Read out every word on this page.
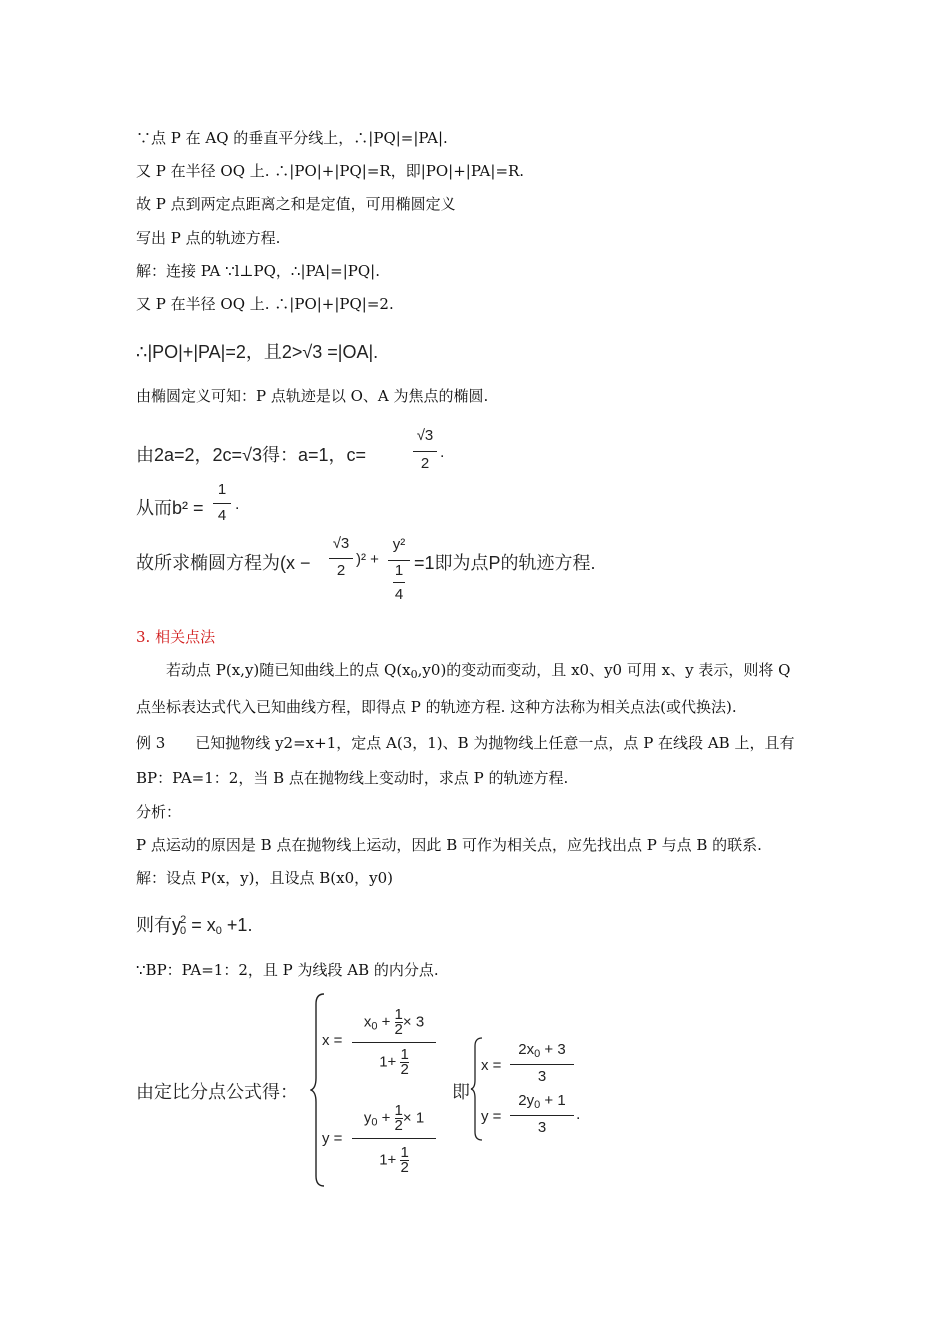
∵点 P 在 AQ 的垂直平分线上，∴|PQ|=|PA|.
又 P 在半径 OQ 上. ∴|PO|+|PQ|=R，即|PO|+|PA|=R.
故 P 点到两定点距离之和是定值，可用椭圆定义
写出 P 点的轨迹方程.
解：连接 PA ∵l⊥PQ，∴|PA|=|PQ|.
又 P 在半径 OQ 上. ∴|PO|+|PQ|=2.
∴|PO|+|PA|=2，且2>√3 =|OA|.
由椭圆定义可知：P 点轨迹是以 O、A 为焦点的椭圆.
由2a=2，2c=√3得：a=1，c=
√3
2
.
从而b² =
1
4
.
故所求椭圆方程为(x −
√3
2
)² +
y²
1
4
=1即为点P的轨迹方程.
3. 相关点法
若动点 P(x,y)随已知曲线上的点 $Q(x_0,y0)$的变动而变动，且 x0、y0 可用 x、y 表示，则将 Q
点坐标表达式代入已知曲线方程，即得点 P 的轨迹方程. 这种方法称为相关点法(或代换法).
例 3　　已知抛物线 y2=x+1，定点 A(3，1)、B 为抛物线上任意一点，点 P 在线段 AB 上，且有
BP：PA=1：2，当 B 点在抛物线上变动时，求点 P 的轨迹方程.
分析：
P 点运动的原因是 B 点在抛物线上运动，因此 B 可作为相关点，应先找出点 P 与点 B 的联系.
解：设点 P(x，y)，且设点 B(x0，y0)
则有$y_0^2 = x_0 +1$.
∵BP：PA=1：2，且 P 为线段 AB 的内分点.
由定比分点公式得：
x =
$x_0 + \frac{1}{2} \times 3$
$1+ \frac{1}{2}$
y =
$y_0 + \frac{1}{2} \times 1$
$1+ \frac{1}{2}$
即
x =
$2x_0 + 3$
3
y =
$2y_0 + 1$
3
.
